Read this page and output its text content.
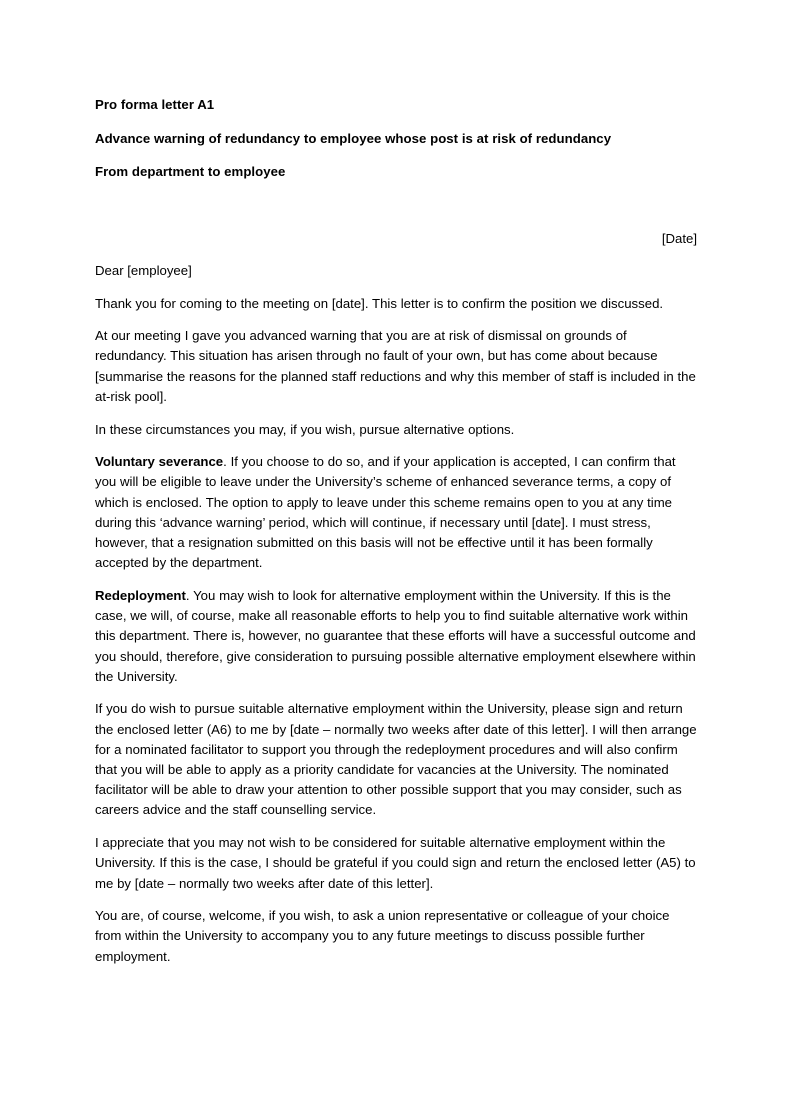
Pro forma letter A1
Advance warning of redundancy to employee whose post is at risk of redundancy
From department to employee
[Date]
Dear [employee]

Thank you for coming to the meeting on [date]. This letter is to confirm the position we discussed.

At our meeting I gave you advanced warning that you are at risk of dismissal on grounds of redundancy. This situation has arisen through no fault of your own, but has come about because [summarise the reasons for the planned staff reductions and why this member of staff is included in the at-risk pool].

In these circumstances you may, if you wish, pursue alternative options.

Voluntary severance. If you choose to do so, and if your application is accepted, I can confirm that you will be eligible to leave under the University’s scheme of enhanced severance terms, a copy of which is enclosed. The option to apply to leave under this scheme remains open to you at any time during this ‘advance warning’ period, which will continue, if necessary until [date]. I must stress, however, that a resignation submitted on this basis will not be effective until it has been formally accepted by the department.

Redeployment. You may wish to look for alternative employment within the University. If this is the case, we will, of course, make all reasonable efforts to help you to find suitable alternative work within this department. There is, however, no guarantee that these efforts will have a successful outcome and you should, therefore, give consideration to pursuing possible alternative employment elsewhere within the University.

If you do wish to pursue suitable alternative employment within the University, please sign and return the enclosed letter (A6) to me by [date – normally two weeks after date of this letter]. I will then arrange for a nominated facilitator to support you through the redeployment procedures and will also confirm that you will be able to apply as a priority candidate for vacancies at the University. The nominated facilitator will be able to draw your attention to other possible support that you may consider, such as careers advice and the staff counselling service.

I appreciate that you may not wish to be considered for suitable alternative employment within the University. If this is the case, I should be grateful if you could sign and return the enclosed letter (A5) to me by [date – normally two weeks after date of this letter].

You are, of course, welcome, if you wish, to ask a union representative or colleague of your choice from within the University to accompany you to any future meetings to discuss possible further employment.
